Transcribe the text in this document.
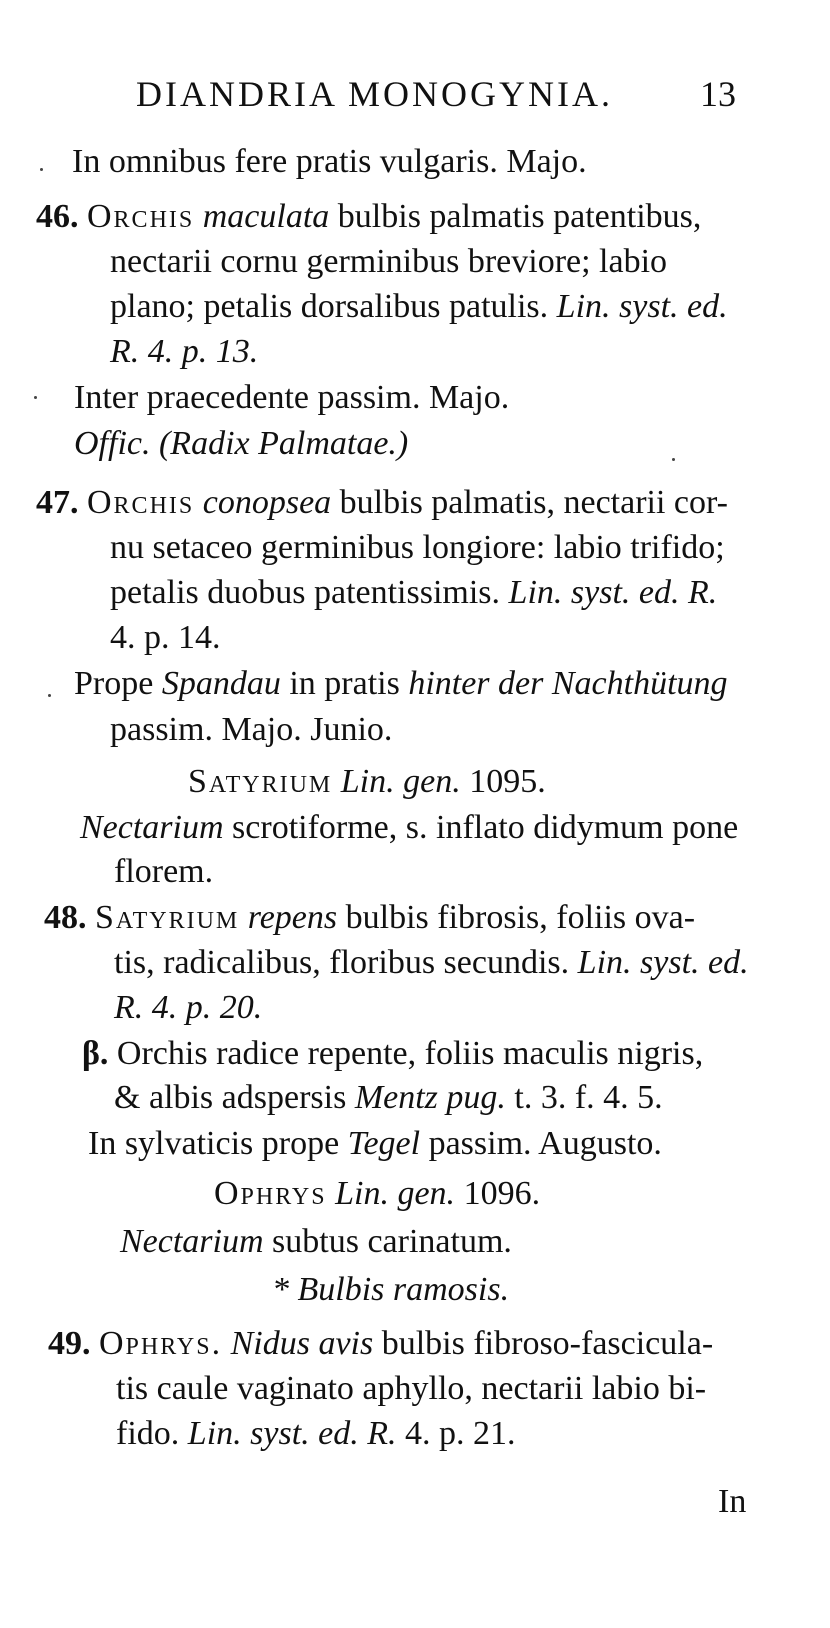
DIANDRIA MONOGYNIA. 13
In omnibus fere pratis vulgaris. Majo.
46. Orchis maculata bulbis palmatis patentibus,
nectarii cornu germinibus breviore; labio
plano; petalis dorsalibus patulis. Lin. syst. ed.
R. 4. p. 13.
Inter praecedente passim. Majo.
Offic. (Radix Palmatae.)
47. Orchis conopsea bulbis palmatis, nectarii cor-
nu setaceo germinibus longiore: labio trifido;
petalis duobus patentissimis. Lin. syst. ed. R.
4. p. 14.
Prope Spandau in pratis hinter der Nachthütung
passim. Majo. Junio.
Satyrium Lin. gen. 1095.
Nectarium scrotiforme, s. inflato didymum pone
florem.
48. Satyrium repens bulbis fibrosis, foliis ova-
tis, radicalibus, floribus secundis. Lin. syst. ed.
R. 4. p. 20.
β. Orchis radice repente, foliis maculis nigris,
& albis adspersis Mentz pug. t. 3. f. 4. 5.
In sylvaticis prope Tegel passim. Augusto.
Ophrys Lin. gen. 1096.
Nectarium subtus carinatum.
* Bulbis ramosis.
49. Ophrys. Nidus avis bulbis fibroso-fascicula-
tis caule vaginato aphyllo, nectarii labio bi-
fido. Lin. syst. ed. R. 4. p. 21.
In
